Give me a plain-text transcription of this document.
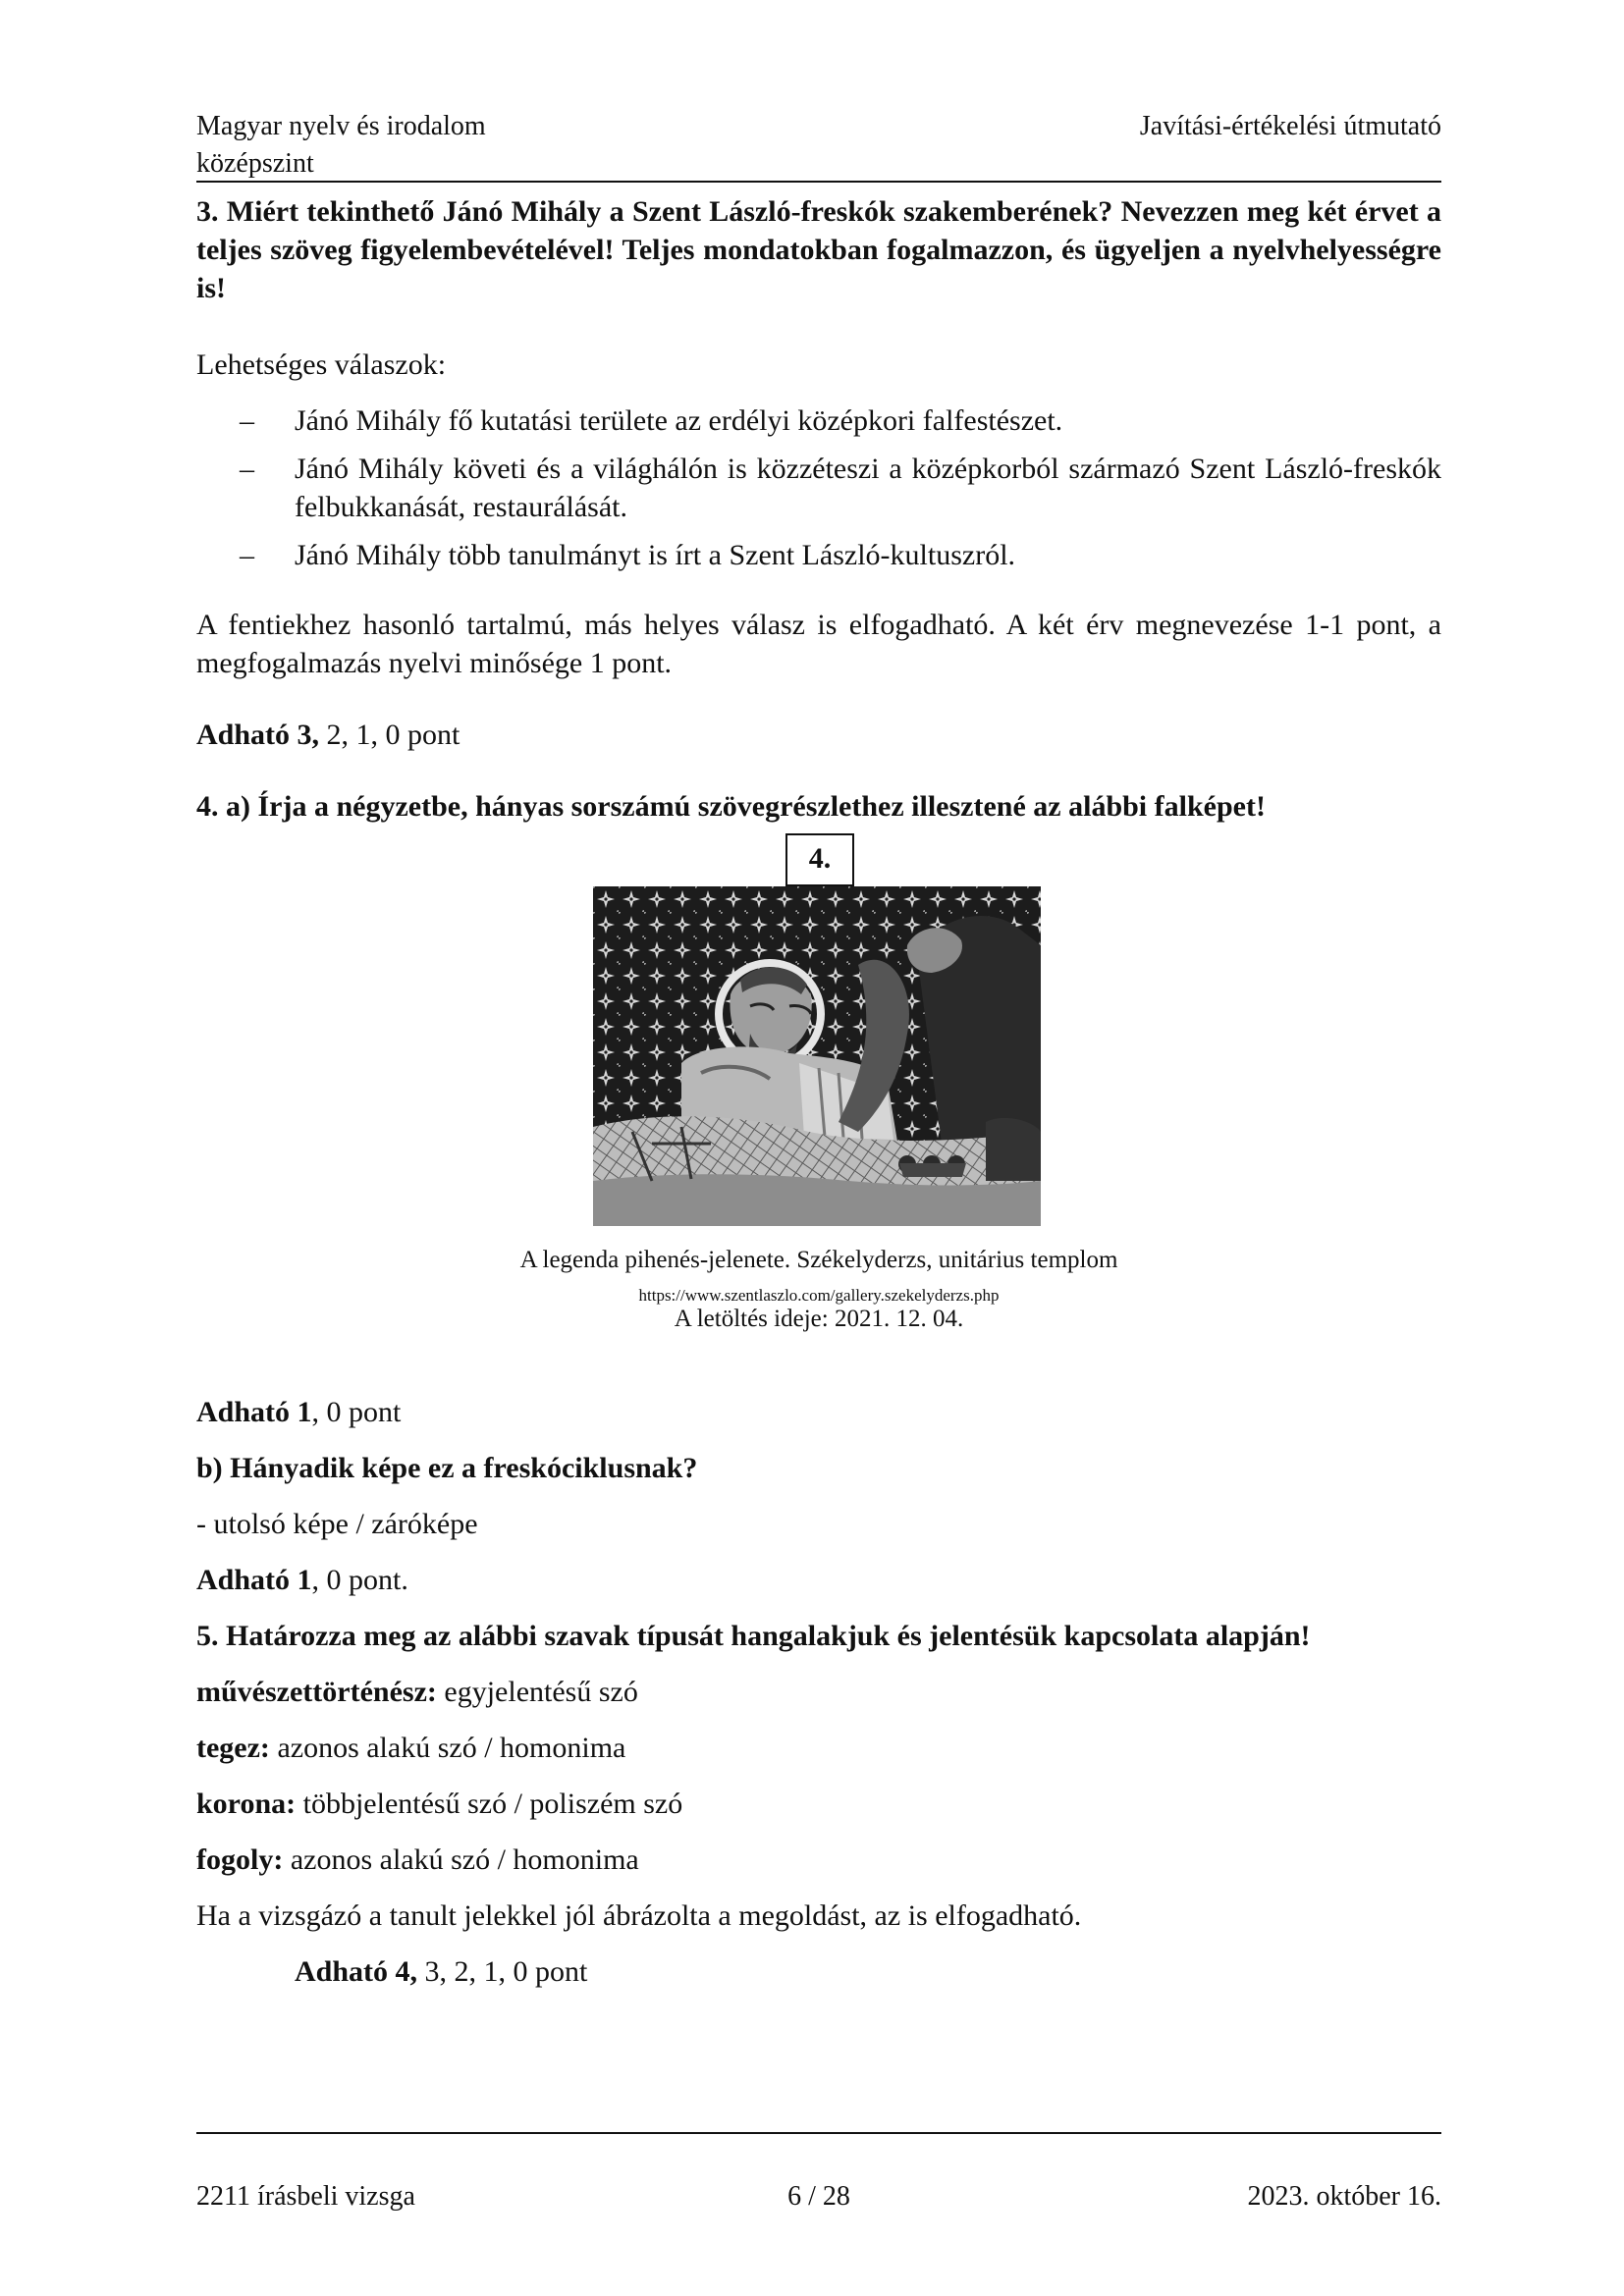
Magyar nyelv és irodalom
középszint
Javítási-értékelési útmutató

3. Miért tekinthető Jánó Mihály a Szent László-freskók szakemberének? Nevezzen meg két érvet a teljes szöveg figyelembevételével! Teljes mondatokban fogalmazzon, és ügyeljen a nyelvhelyességre is!

Lehetséges válaszok:

– Jánó Mihály fő kutatási területe az erdélyi középkori falfestészet.
– Jánó Mihály követi és a világhálón is közzéteszi a középkorból származó Szent László-freskók felbukkanását, restaurálását.
– Jánó Mihály több tanulmányt is írt a Szent László-kultuszról.

A fentiekhez hasonló tartalmú, más helyes válasz is elfogadható. A két érv megnevezése 1-1 pont, a megfogalmazás nyelvi minősége 1 pont.

Adható 3, 2, 1, 0 pont

4. a) Írja a négyzetbe, hányas sorszámú szövegrészlethez illesztené az alábbi falképet!

4.
A legenda pihenés-jelenete. Székelyderzs, unitárius templom
https://www.szentlaszlo.com/gallery.szekelyderzs.php
A letöltés ideje: 2021. 12. 04.

Adható 1, 0 pont

b) Hányadik képe ez a freskóciklusnak?

- utolsó képe / záróképe

Adható 1, 0 pont.

5. Határozza meg az alábbi szavak típusát hangalakjuk és jelentésük kapcsolata alapján!

művészettörténész: egyjelentésű szó

tegez: azonos alakú szó / homonima

korona: többjelentésű szó / poliszém szó

fogoly: azonos alakú szó / homonima

Ha a vizsgázó a tanult jelekkel jól ábrázolta a megoldást, az is elfogadható.

Adható 4, 3, 2, 1, 0 pont

2211 írásbeli vizsga	6 / 28	2023. október 16.
